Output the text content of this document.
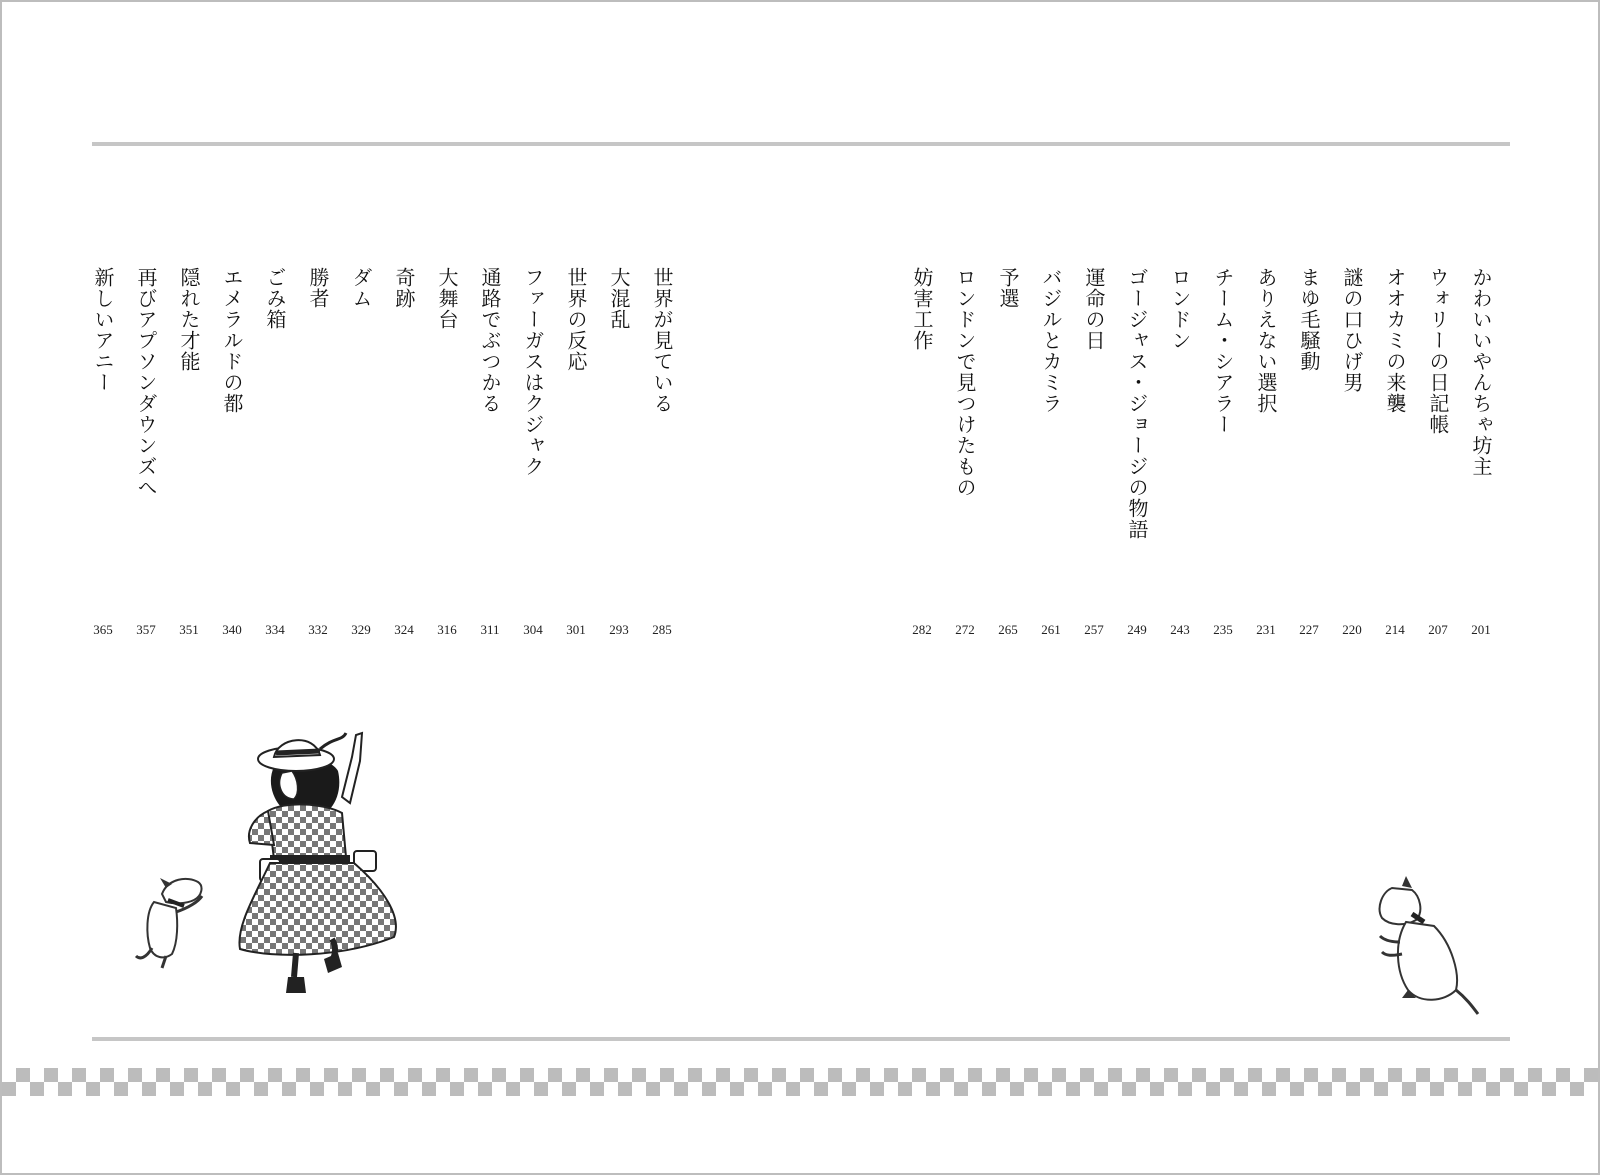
かわいいやんちゃ坊主
201
ウォリーの日記帳
207
オオカミの来襲
214
謎の口ひげ男
220
まゆ毛騒動
227
ありえない選択
231
チーム・シアラー
235
ロンドン
243
ゴージャス・ジョージの物語
249
運命の日
257
バジルとカミラ
261
予選
265
ロンドンで見つけたもの
272
妨害工作
282
世界が見ている
285
大混乱
293
世界の反応
301
ファーガスはクジャク
304
通路でぶつかる
311
大舞台
316
奇跡
324
ダム
329
勝者
332
ごみ箱
334
エメラルドの都
340
隠れた才能
351
再びアプソンダウンズへ
357
新しいアニー
365
